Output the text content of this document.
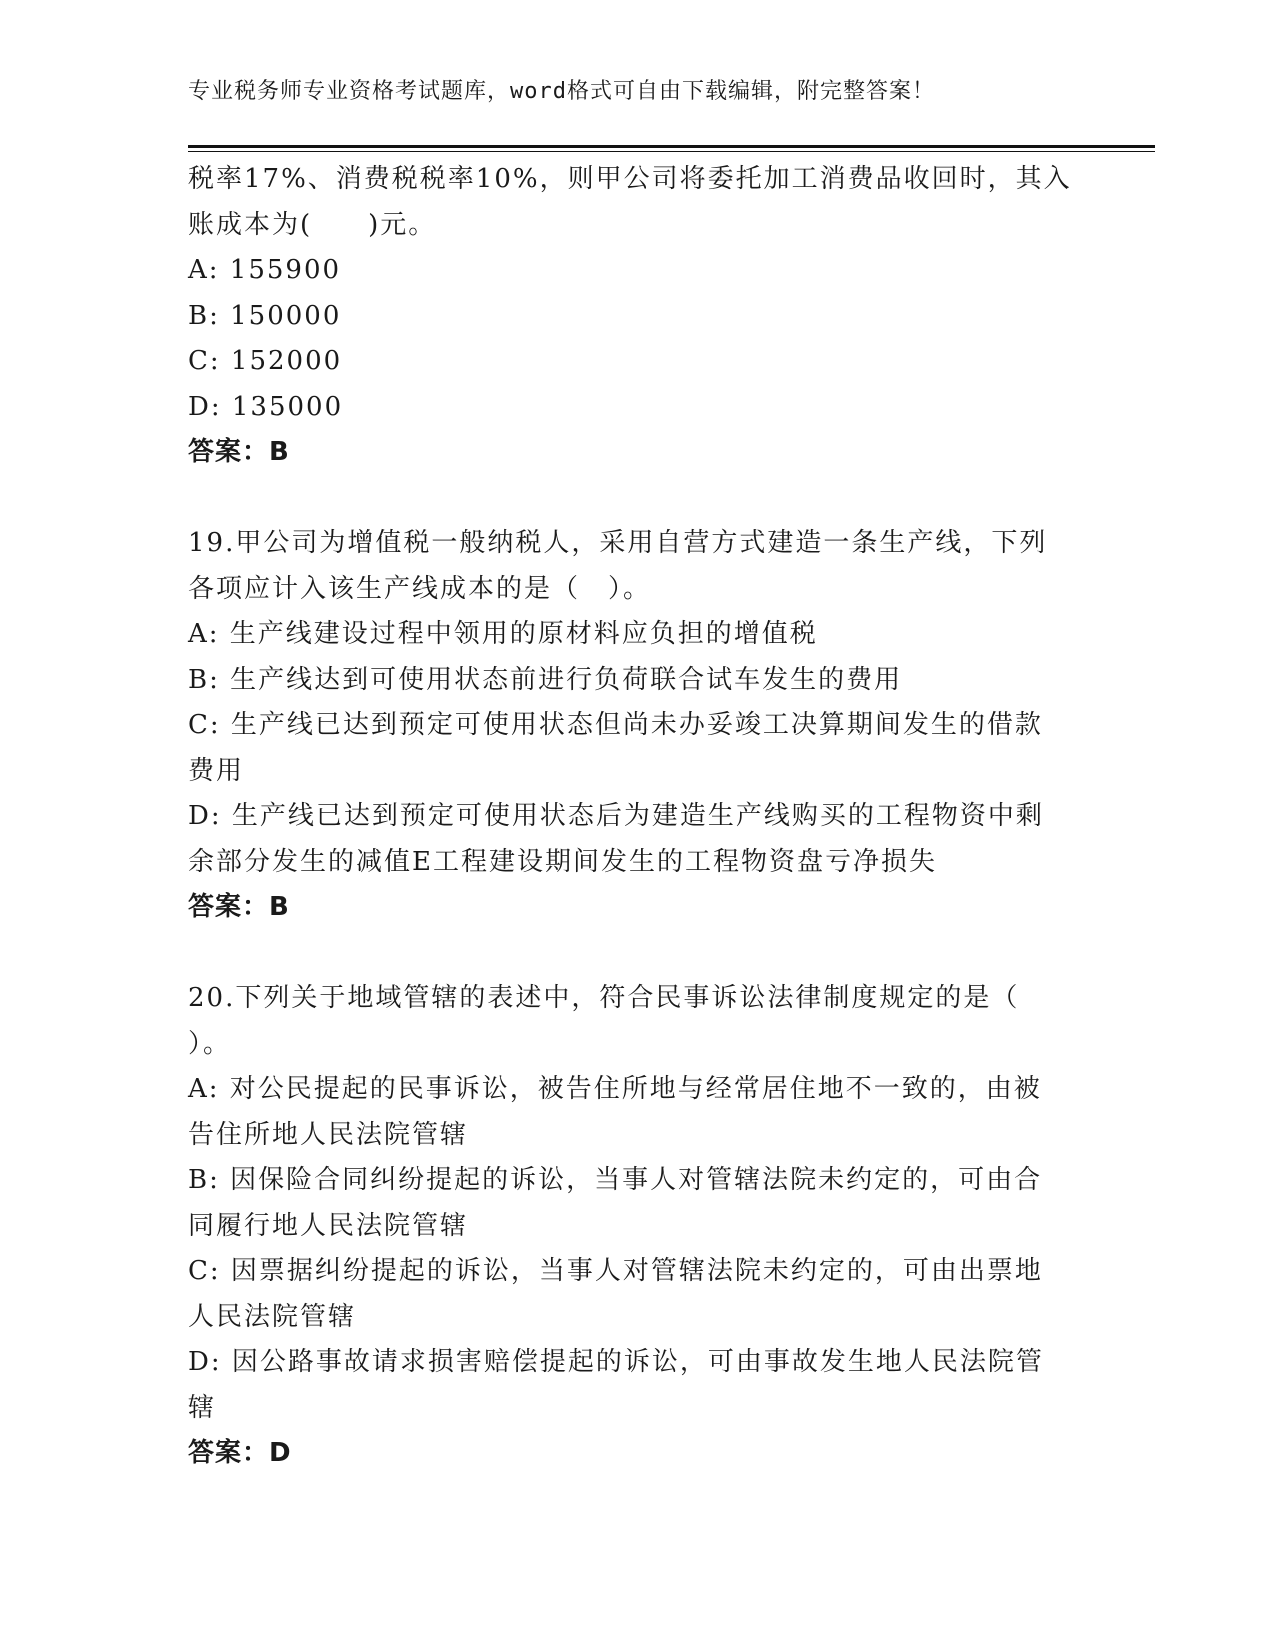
专业税务师专业资格考试题库，word格式可自由下载编辑，附完整答案！
税率17%、消费税税率10%，则甲公司将委托加工消费品收回时，其入
账成本为(　　)元。
A: 155900
B: 150000
C: 152000
D: 135000
答案：B
19.甲公司为增值税一般纳税人，采用自营方式建造一条生产线，下列
各项应计入该生产线成本的是（　）。
A: 生产线建设过程中领用的原材料应负担的增值税
B: 生产线达到可使用状态前进行负荷联合试车发生的费用
C: 生产线已达到预定可使用状态但尚未办妥竣工决算期间发生的借款
费用
D: 生产线已达到预定可使用状态后为建造生产线购买的工程物资中剩
余部分发生的减值E工程建设期间发生的工程物资盘亏净损失
答案：B
20.下列关于地域管辖的表述中，符合民事诉讼法律制度规定的是（
）。
A: 对公民提起的民事诉讼，被告住所地与经常居住地不一致的，由被
告住所地人民法院管辖
B: 因保险合同纠纷提起的诉讼，当事人对管辖法院未约定的，可由合
同履行地人民法院管辖
C: 因票据纠纷提起的诉讼，当事人对管辖法院未约定的，可由出票地
人民法院管辖
D: 因公路事故请求损害赔偿提起的诉讼，可由事故发生地人民法院管
辖
答案：D
